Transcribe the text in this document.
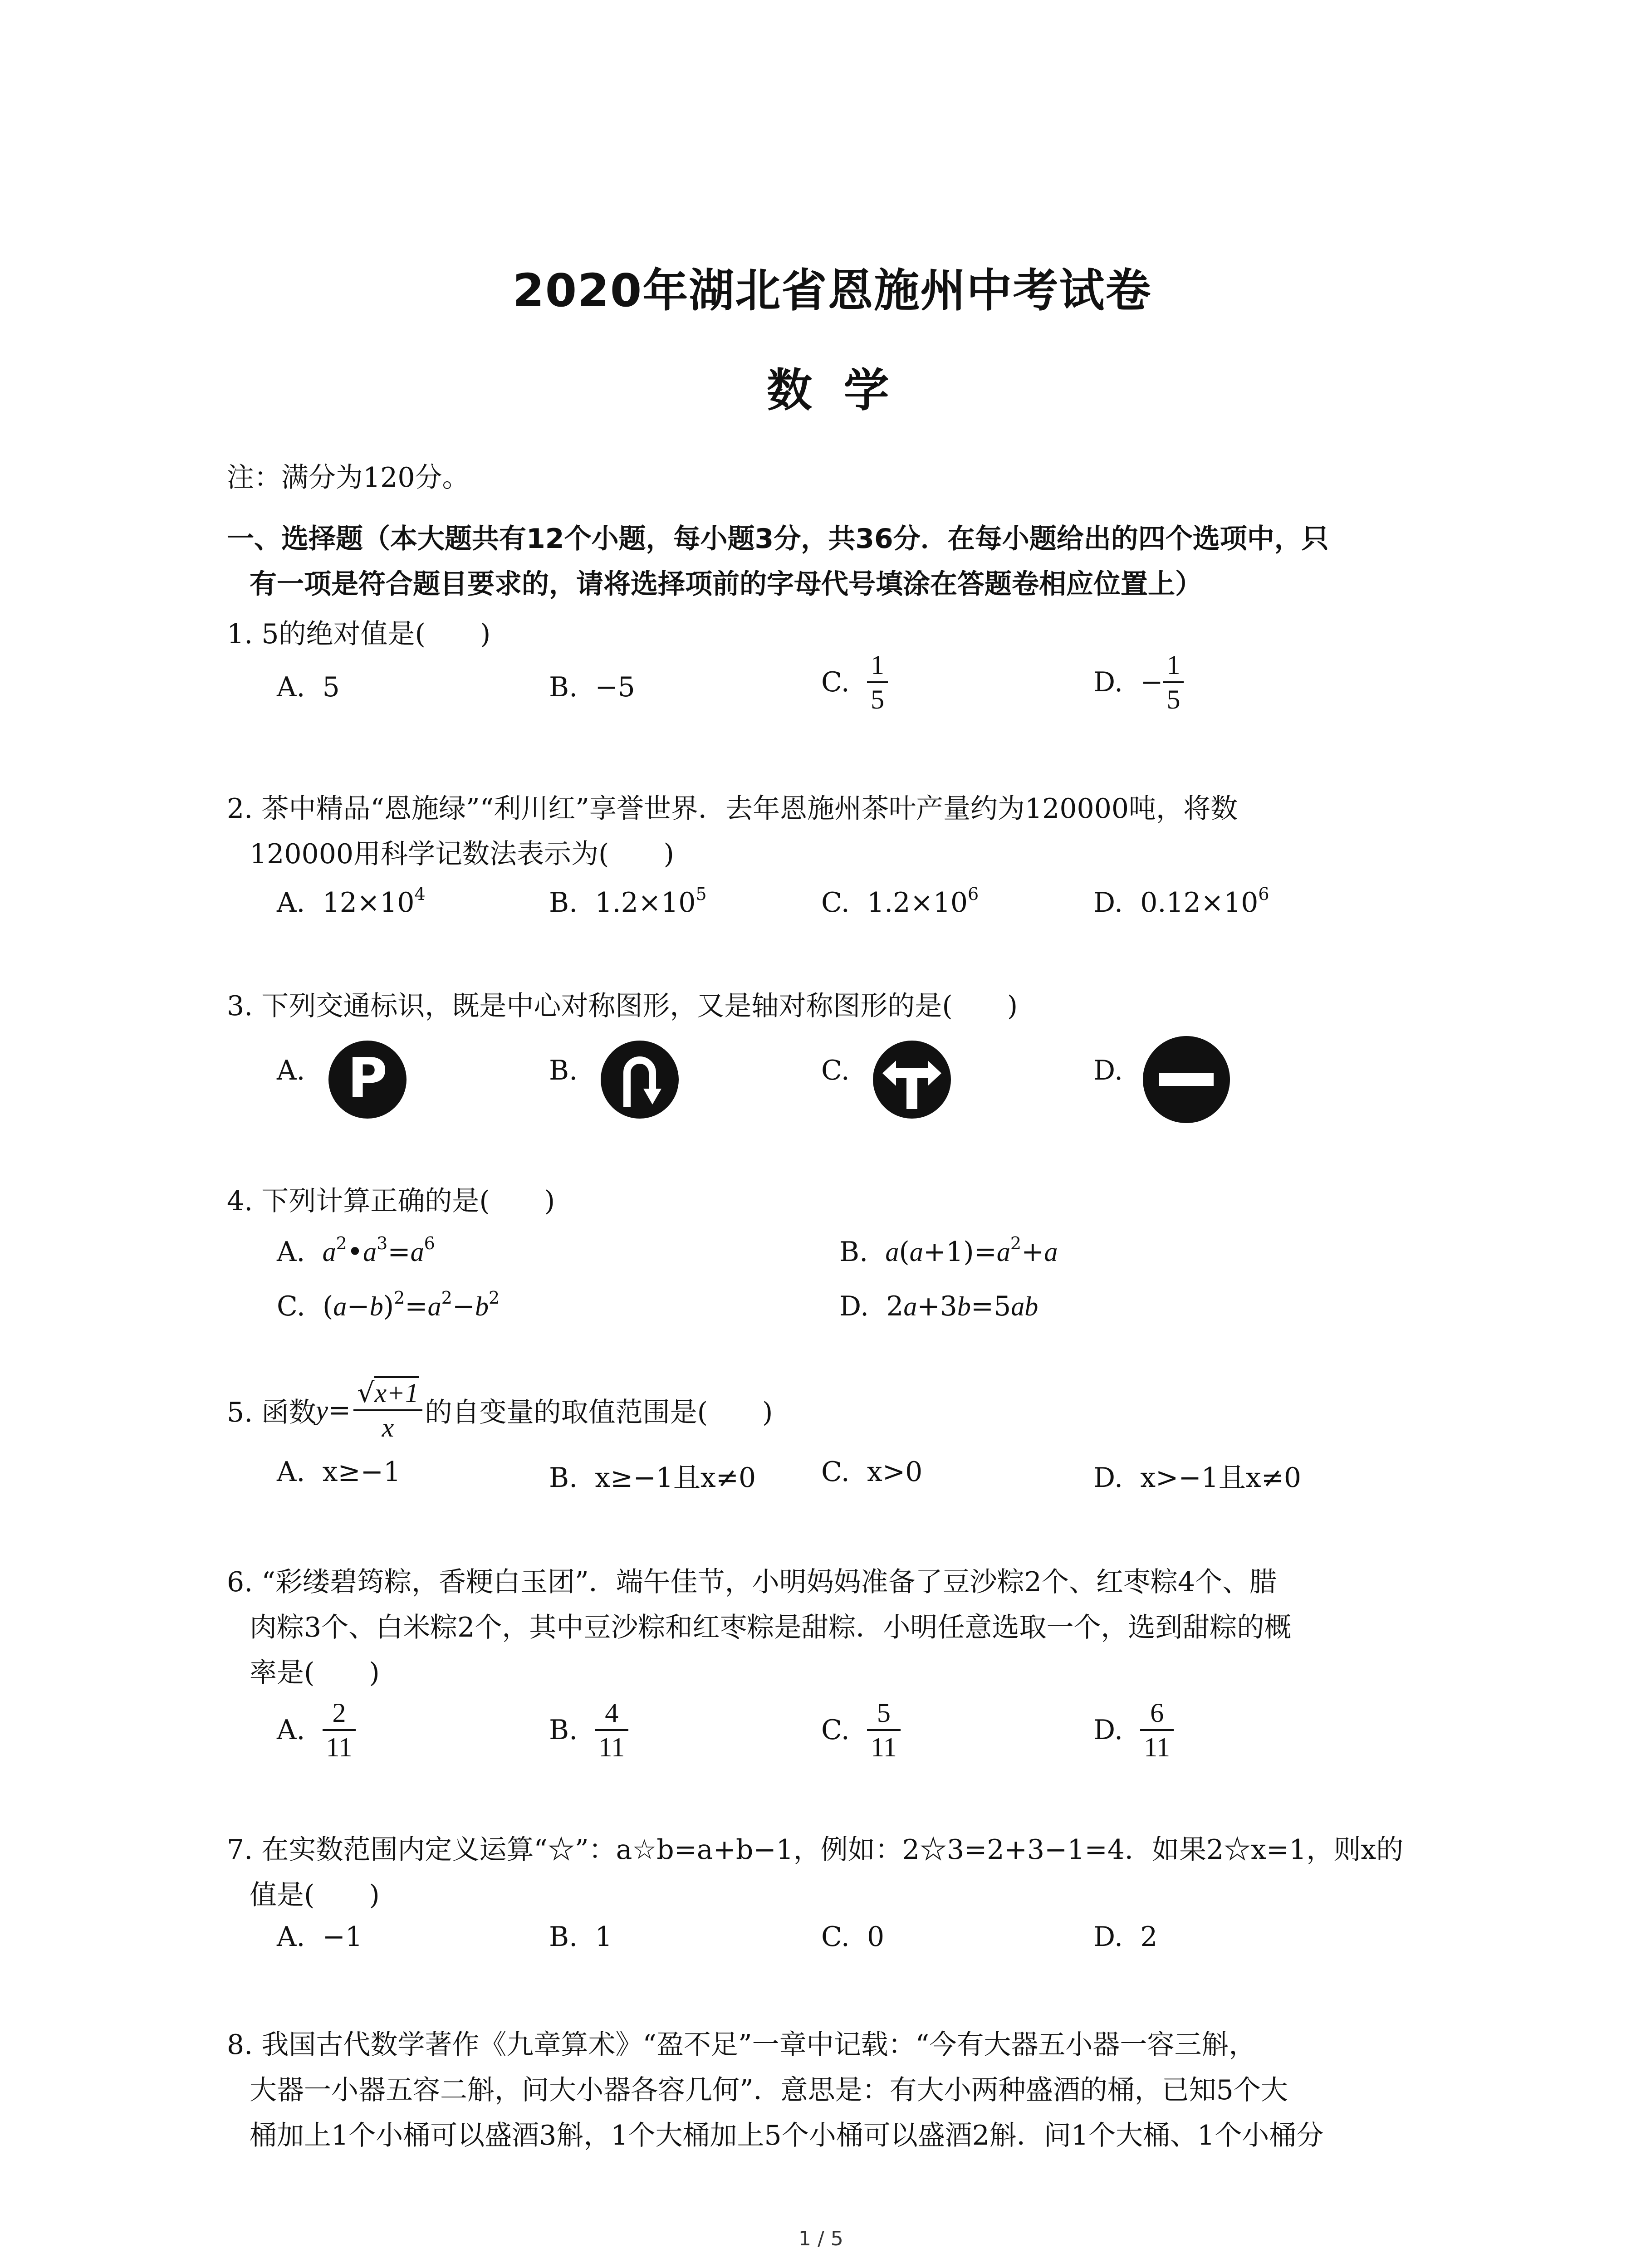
2020年湖北省恩施州中考试卷
数  学
注：满分为120分。
一、选择题（本大题共有12个小题，每小题3分，共36分．在每小题给出的四个选项中，只
有一项是符合题目要求的，请将选择项前的字母代号填涂在答题卷相应位置上）
1. 5的绝对值是(　　)
A. 5	B. −5	C.
$\frac{1}{5}$	D.
− $\frac{1}{5}$
2. 茶中精品“恩施绿”“利川红”享誉世界．去年恩施州茶叶产量约为120000吨，将数
120000用科学记数法表示为(　　)
A. $12\times 10^4$	B. $1.2\times 10^5$	C. $1.2\times 10^6$	D. $0.12\times 10^6$
3. 下列交通标识，既是中心对称图形，又是轴对称图形的是(　　)
A. P	B.	C.	D.
4. 下列计算正确的是(　　)
A. $a^2•a^3=a^6$	B. $a(a+1)=a^2+a$
C.  $(a-b)^2=a^2-b^2$	D.  2a+3b=5ab
5. 函数 $y = \frac{√x+1}{x}$ 的自变量的取值范围是(　　)
A. x≥−1	B. x≥−1且x≠0 C. x>0	D. x>−1且x≠0
6. “彩缕碧筠粽，香粳白玉团”．端午佳节，小明妈妈准备了豆沙粽2个、红枣粽4个、腊
肉粽3个、白米粽2个，其中豆沙粽和红枣粽是甜粽．小明任意选取一个，选到甜粽的概
率是(　　)
A.
$\frac{2}{11}$	B.
$\frac{4}{11}$	C.
$\frac{5}{11}$	D.
$\frac{6}{11}$
7. 在实数范围内定义运算“☆”：a☆b=a+b−1，例如：2☆3=2+3−1=4．如果2☆x=1，则x的
值是(　　)
A. −1	B. 1	C. 0	D. 2
8. 我国古代数学著作《九章算术》“盈不足”一章中记载：“今有大器五小器一容三斛，
大器一小器五容二斛，问大小器各容几何”．意思是：有大小两种盛酒的桶，已知5个大
桶加上1个小桶可以盛酒3斛，1个大桶加上5个小桶可以盛酒2斛．问1个大桶、1个小桶分
1 / 5
